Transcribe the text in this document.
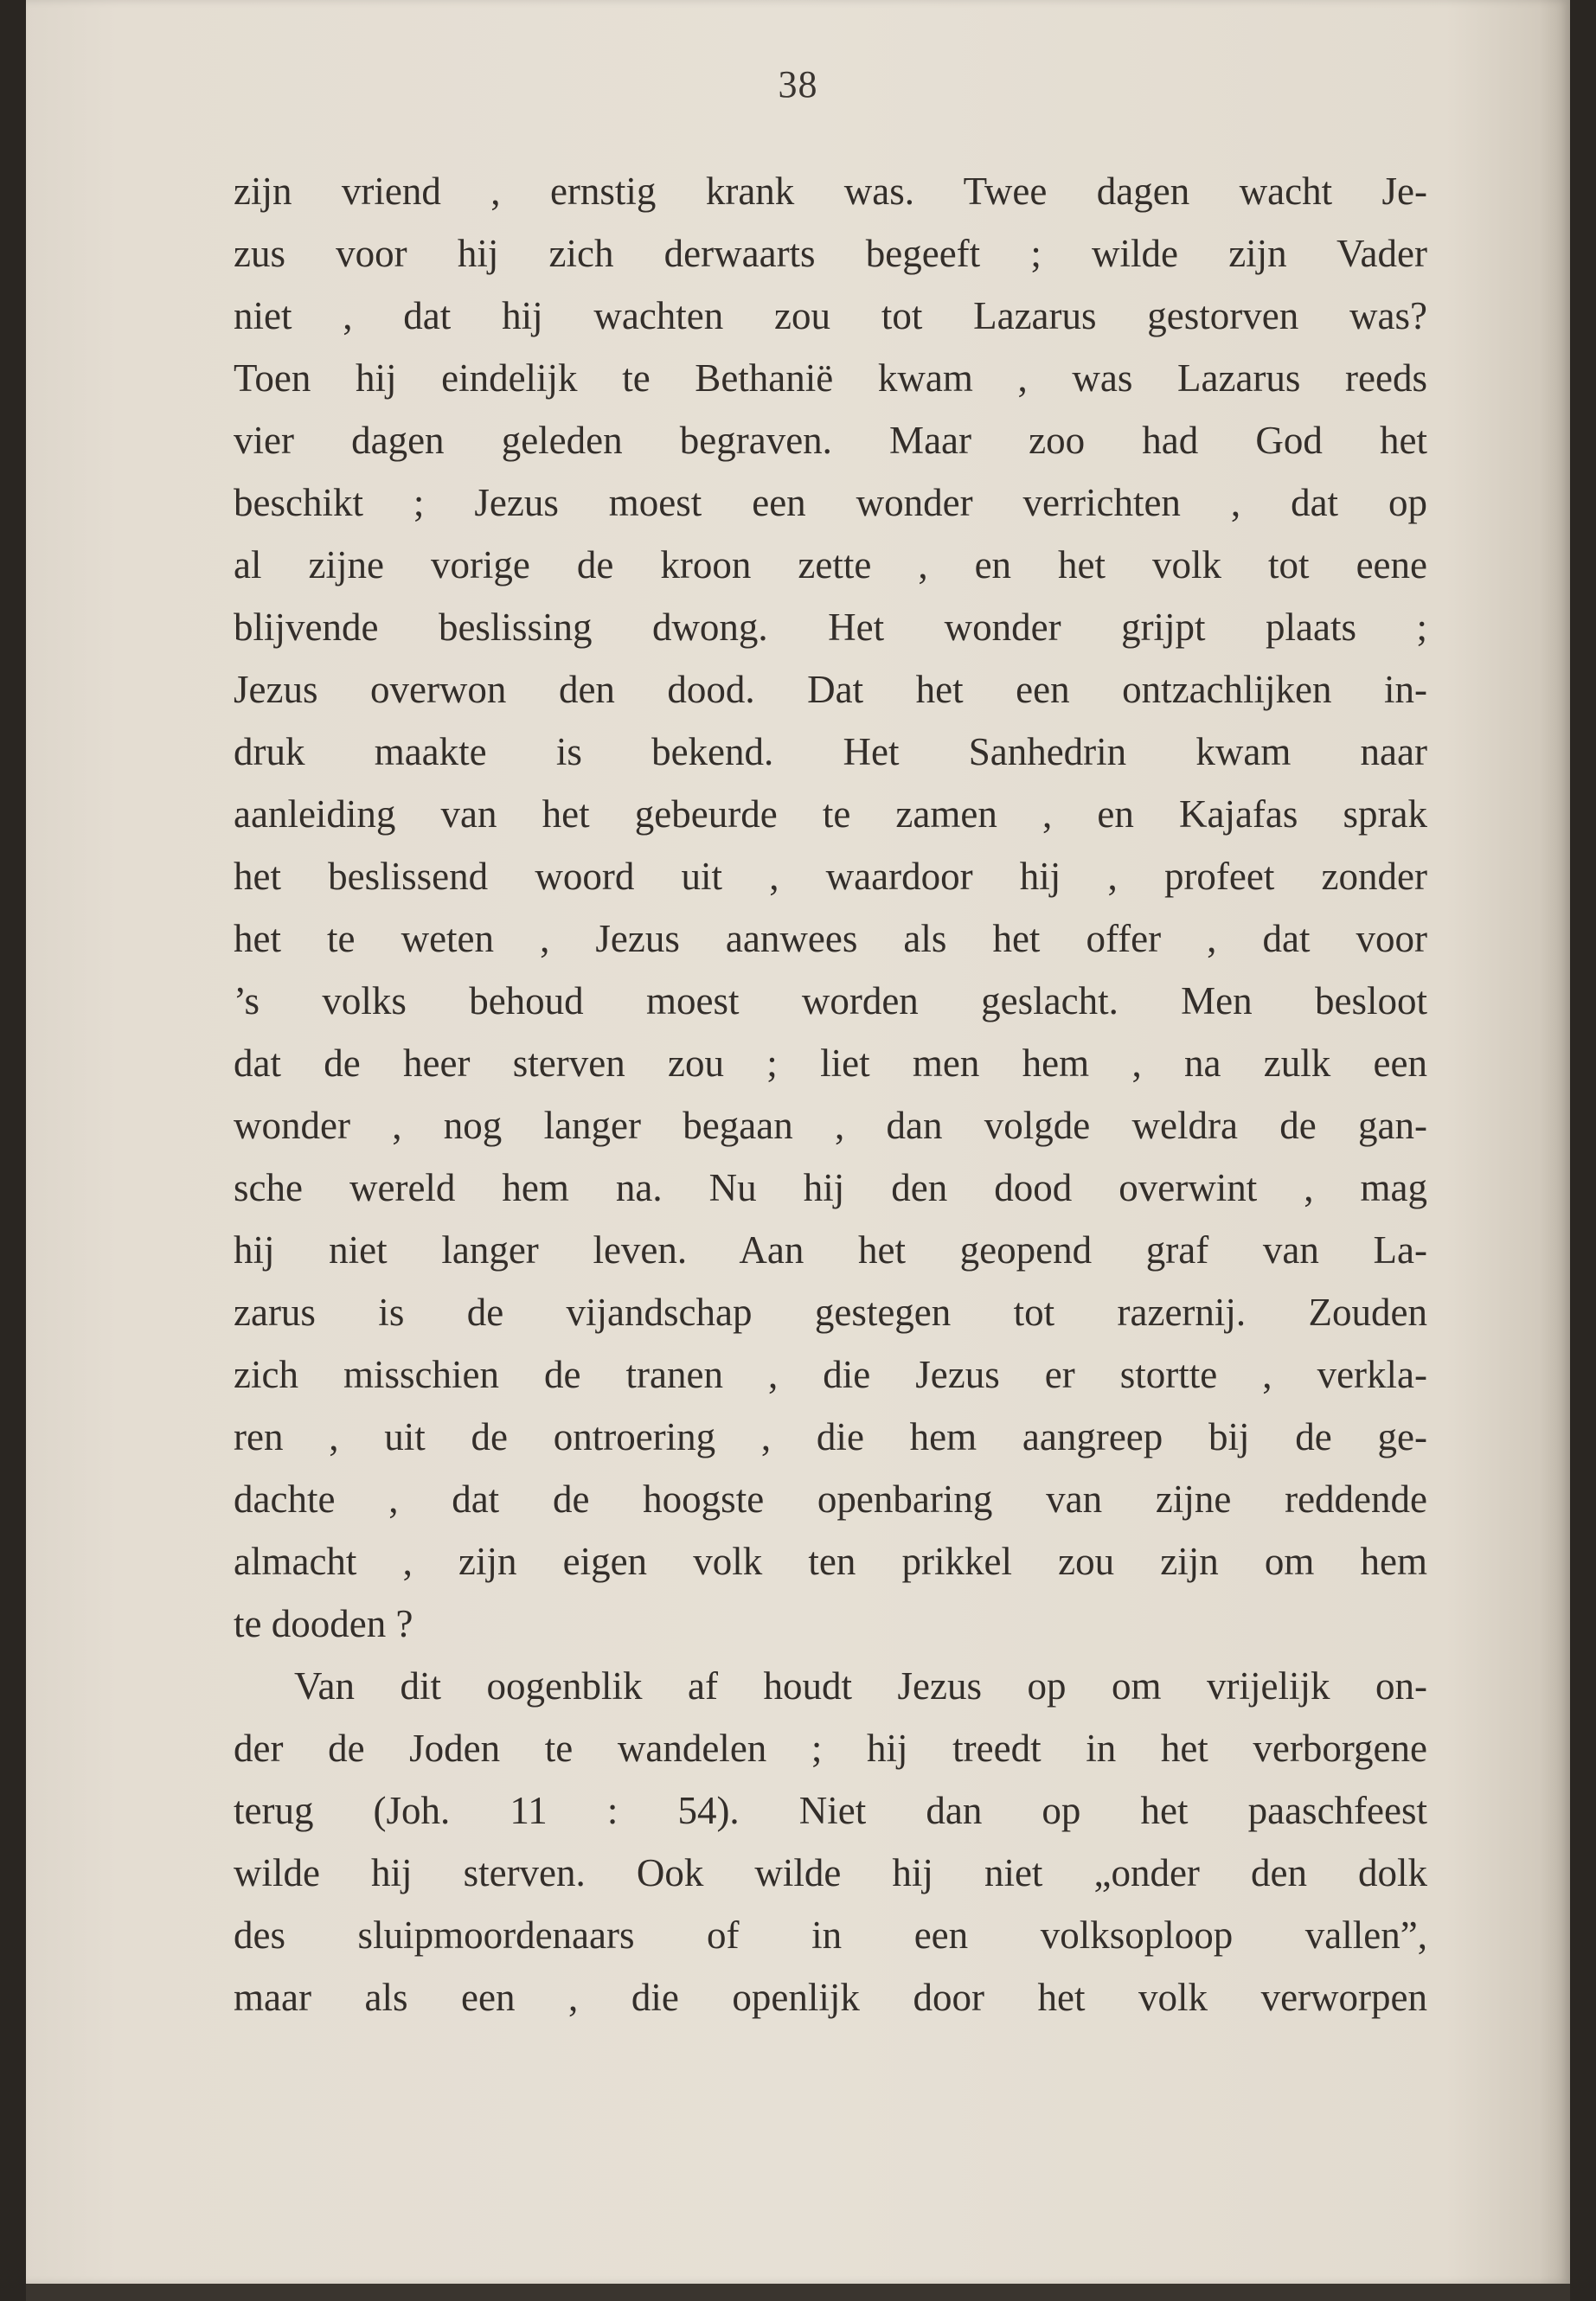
38
zijn vriend , ernstig krank was. Twee dagen wacht Je-
zus voor hij zich derwaarts begeeft ; wilde zijn Vader
niet , dat hij wachten zou tot Lazarus gestorven was?
Toen hij eindelijk te Bethanië kwam , was Lazarus reeds
vier dagen geleden begraven. Maar zoo had God het
beschikt ; Jezus moest een wonder verrichten , dat op
al zijne vorige de kroon zette , en het volk tot eene
blijvende beslissing dwong. Het wonder grijpt plaats ;
Jezus overwon den dood. Dat het een ontzachlijken in-
druk maakte is bekend. Het Sanhedrin kwam naar
aanleiding van het gebeurde te zamen , en Kajafas sprak
het beslissend woord uit , waardoor hij , profeet zonder
het te weten , Jezus aanwees als het offer , dat voor
’s volks behoud moest worden geslacht. Men besloot
dat de heer sterven zou ; liet men hem , na zulk een
wonder , nog langer begaan , dan volgde weldra de gan-
sche wereld hem na. Nu hij den dood overwint , mag
hij niet langer leven. Aan het geopend graf van La-
zarus is de vijandschap gestegen tot razernij. Zouden
zich misschien de tranen , die Jezus er stortte , verkla-
ren , uit de ontroering , die hem aangreep bij de ge-
dachte , dat de hoogste openbaring van zijne reddende
almacht , zijn eigen volk ten prikkel zou zijn om hem
te dooden ?
Van dit oogenblik af houdt Jezus op om vrijelijk on-
der de Joden te wandelen ; hij treedt in het verborgene
terug (Joh. 11 : 54). Niet dan op het paaschfeest
wilde hij sterven. Ook wilde hij niet „onder den dolk
des sluipmoordenaars of in een volksoploop vallen”,
maar als een , die openlijk door het volk verworpen
